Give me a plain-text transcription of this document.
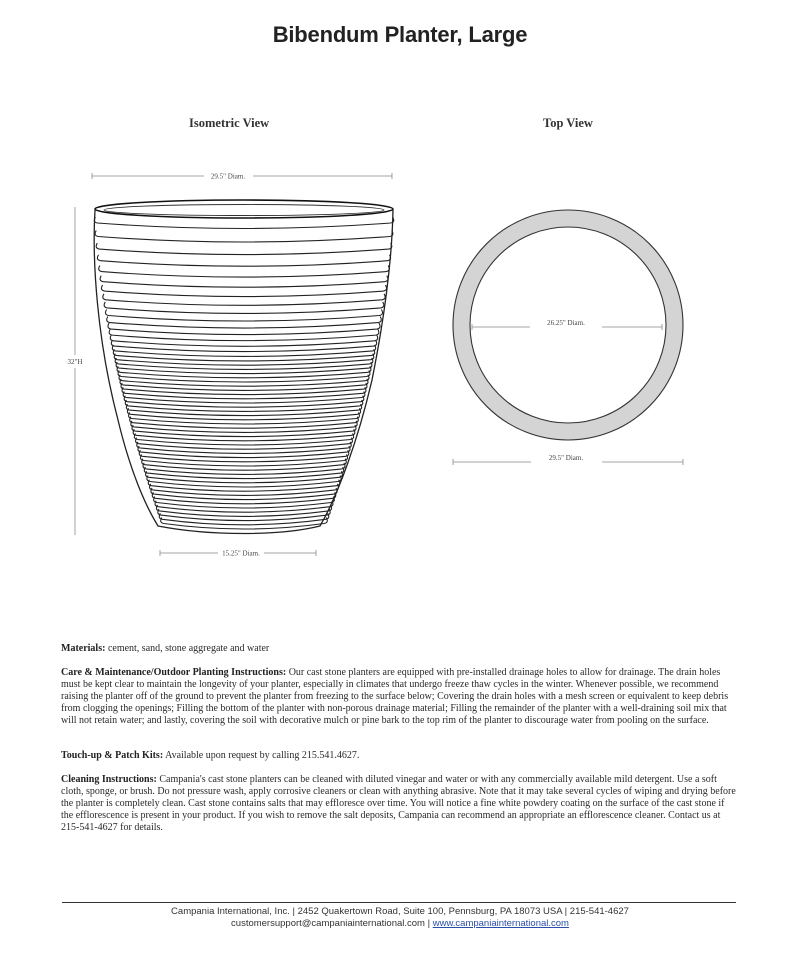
Bibendum Planter, Large
Isometric View	Top View
29.5" Diam.
32"H
15.25" Diam.
26.25" Diam.
29.5" Diam.
Materials: cement, sand, stone aggregate and water
Care & Maintenance/Outdoor Planting Instructions: Our cast stone planters are equipped with pre-installed drainage holes to allow for drainage. The drain holes must be kept clear to maintain the longevity of your planter, especially in climates that undergo freeze thaw cycles in the winter. Whenever possible, we recommend raising the planter off of the ground to prevent the planter from freezing to the surface below; Covering the drain holes with a mesh screen or equivalent to keep debris from clogging the openings; Filling the bottom of the planter with non-porous drainage material; Filling the remainder of the planter with a well-draining soil mix that will not retain water; and lastly, covering the soil with decorative mulch or pine bark to the top rim of the planter to discourage water from pooling on the surface.
Touch-up & Patch Kits: Available upon request by calling 215.541.4627.
Cleaning Instructions: Campania's cast stone planters can be cleaned with diluted vinegar and water or with any commercially available mild detergent. Use a soft cloth, sponge, or brush. Do not pressure wash, apply corrosive cleaners or clean with anything abrasive. Note that it may take several cycles of wiping and drying before the planter is completely clean. Cast stone contains salts that may effloresce over time. You will notice a fine white powdery coating on the surface of the cast stone if the efflorescence is present in your product. If you wish to remove the salt deposits, Campania can recommend an appropriate an efflorescence cleaner. Contact us at 215-541-4627 for details.
Campania International, Inc. | 2452 Quakertown Road, Suite 100, Pennsburg, PA 18073 USA | 215-541-4627
customersupport@campaniainternational.com | www.campaniainternational.com
